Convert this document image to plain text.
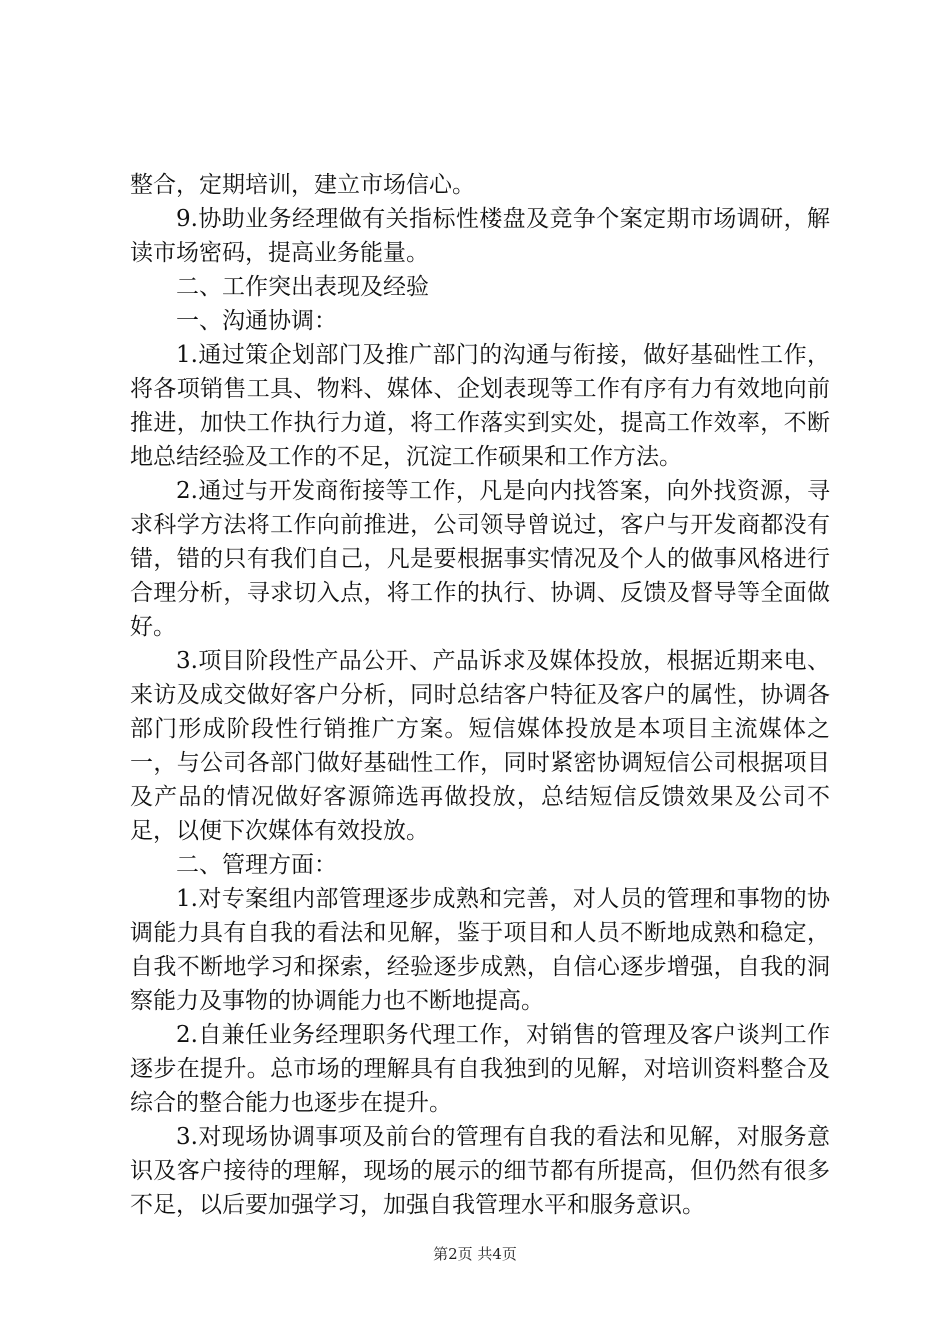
整合，定期培训，建立市场信心。

9.协助业务经理做有关指标性楼盘及竞争个案定期市场调研，解读市场密码，提高业务能量。

二、工作突出表现及经验

一、沟通协调：

1.通过策企划部门及推广部门的沟通与衔接，做好基础性工作，将各项销售工具、物料、媒体、企划表现等工作有序有力有效地向前推进，加快工作执行力道，将工作落实到实处，提高工作效率，不断地总结经验及工作的不足，沉淀工作硕果和工作方法。

2.通过与开发商衔接等工作，凡是向内找答案，向外找资源，寻求科学方法将工作向前推进，公司领导曾说过，客户与开发商都没有错，错的只有我们自己，凡是要根据事实情况及个人的做事风格进行合理分析，寻求切入点，将工作的执行、协调、反馈及督导等全面做好。

3.项目阶段性产品公开、产品诉求及媒体投放，根据近期来电、来访及成交做好客户分析，同时总结客户特征及客户的属性，协调各部门形成阶段性行销推广方案。短信媒体投放是本项目主流媒体之一，与公司各部门做好基础性工作，同时紧密协调短信公司根据项目及产品的情况做好客源筛选再做投放，总结短信反馈效果及公司不足，以便下次媒体有效投放。

二、管理方面：

1.对专案组内部管理逐步成熟和完善，对人员的管理和事物的协调能力具有自我的看法和见解，鉴于项目和人员不断地成熟和稳定，自我不断地学习和探索，经验逐步成熟，自信心逐步增强，自我的洞察能力及事物的协调能力也不断地提高。

2.自兼任业务经理职务代理工作，对销售的管理及客户谈判工作逐步在提升。总市场的理解具有自我独到的见解，对培训资料整合及综合的整合能力也逐步在提升。

3.对现场协调事项及前台的管理有自我的看法和见解，对服务意识及客户接待的理解，现场的展示的细节都有所提高，但仍然有很多不足，以后要加强学习，加强自我管理水平和服务意识。

第2页 共4页
